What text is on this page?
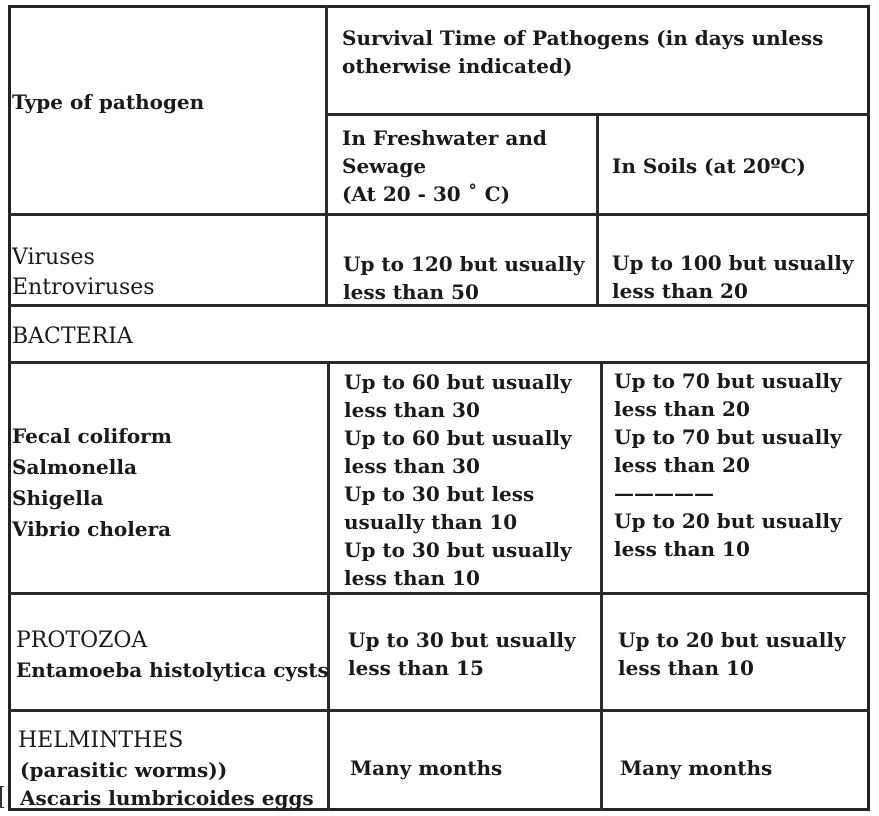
Type of pathogen
Survival Time of Pathogens (in days unless otherwise indicated)
In Freshwater and
Sewage
(At 20 - 30 ˚ C)
In Soils (at 20ºC)
Viruses
Entroviruses
Up to 120 but usually
less than 50
Up to 100 but usually
less than 20
BACTERIA
Fecal coliform
Salmonella
Shigella
Vibrio cholera
Up to 60 but usually
less than 30
Up to 60 but usually
less than 30
Up to 30 but less
usually than 10
Up to 30 but usually
less than 10
Up to 70 but usually
less than 20
Up to 70 but usually
less than 20
—————
Up to 20 but usually
less than 10
PROTOZOA
Entamoeba histolytica cysts
Up to 30 but usually
less than 15
Up to 20 but usually
less than 10
HELMINTHES
(parasitic worms))
Ascaris lumbricoides eggs
Many months	Many months
